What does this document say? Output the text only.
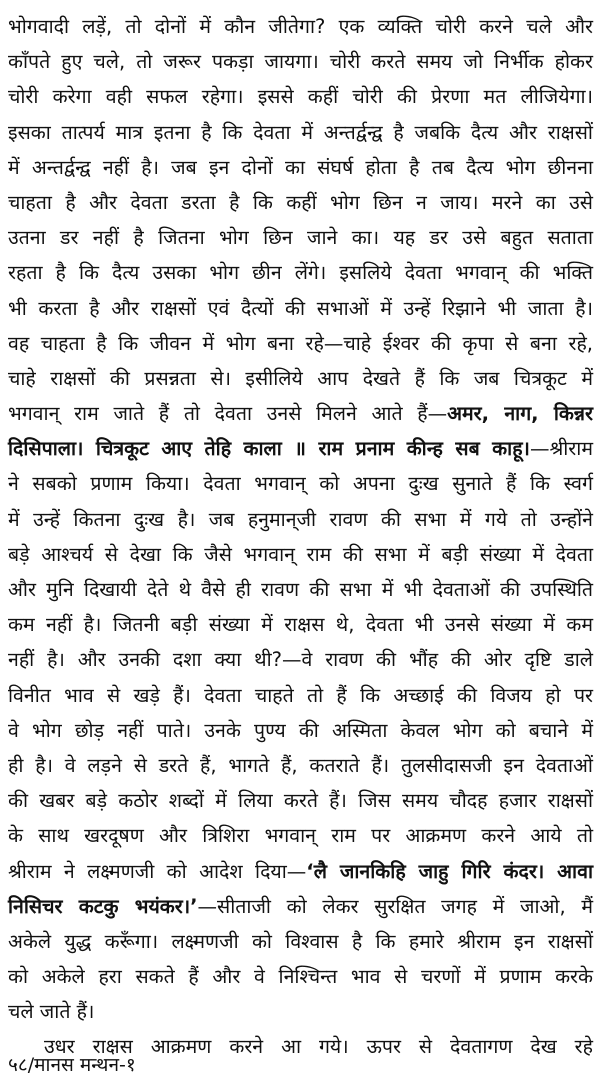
भोगवादी लड़ें, तो दोनों में कौन जीतेगा? एक व्यक्ति चोरी करने चले और
काँपते हुए चले, तो जरूर पकड़ा जायगा। चोरी करते समय जो निर्भीक होकर
चोरी करेगा वही सफल रहेगा। इससे कहीं चोरी की प्रेरणा मत लीजियेगा।
इसका तात्पर्य मात्र इतना है कि देवता में अन्तर्द्वन्द्व है जबकि दैत्य और राक्षसों
में अन्तर्द्वन्द्व नहीं है। जब इन दोनों का संघर्ष होता है तब दैत्य भोग छीनना
चाहता है और देवता डरता है कि कहीं भोग छिन न जाय। मरने का उसे
उतना डर नहीं है जितना भोग छिन जाने का। यह डर उसे बहुत सताता
रहता है कि दैत्य उसका भोग छीन लेंगे। इसलिये देवता भगवान् की भक्ति
भी करता है और राक्षसों एवं दैत्यों की सभाओं में उन्हें रिझाने भी जाता है।
वह चाहता है कि जीवन में भोग बना रहे—चाहे ईश्वर की कृपा से बना रहे,
चाहे राक्षसों की प्रसन्नता से। इसीलिये आप देखते हैं कि जब चित्रकूट में
भगवान् राम जाते हैं तो देवता उनसे मिलने आते हैं—अमर, नाग, किन्नर
दिसिपाला। चित्रकूट आए तेहि काला ॥ राम प्रनाम कीन्ह सब काहू।—श्रीराम
ने सबको प्रणाम किया। देवता भगवान् को अपना दुःख सुनाते हैं कि स्वर्ग
में उन्हें कितना दुःख है। जब हनुमान्‌जी रावण की सभा में गये तो उन्होंने
बड़े आश्चर्य से देखा कि जैसे भगवान् राम की सभा में बड़ी संख्या में देवता
और मुनि दिखायी देते थे वैसे ही रावण की सभा में भी देवताओं की उपस्थिति
कम नहीं है। जितनी बड़ी संख्या में राक्षस थे, देवता भी उनसे संख्या में कम
नहीं है। और उनकी दशा क्या थी?—वे रावण की भौंह की ओर दृष्टि डाले
विनीत भाव से खड़े हैं। देवता चाहते तो हैं कि अच्छाई की विजय हो पर
वे भोग छोड़ नहीं पाते। उनके पुण्य की अस्मिता केवल भोग को बचाने में
ही है। वे लड़ने से डरते हैं, भागते हैं, कतराते हैं। तुलसीदासजी इन देवताओं
की खबर बड़े कठोर शब्दों में लिया करते हैं। जिस समय चौदह हजार राक्षसों
के साथ खरदूषण और त्रिशिरा भगवान् राम पर आक्रमण करने आये तो
श्रीराम ने लक्ष्मणजी को आदेश दिया—‘लै जानकिहि जाहु गिरि कंदर। आवा
निसिचर कटकु भयंकर।’—सीताजी को लेकर सुरक्षित जगह में जाओ, मैं
अकेले युद्ध करूँगा। लक्ष्मणजी को विश्वास है कि हमारे श्रीराम इन राक्षसों
को अकेले हरा सकते हैं और वे निश्चिन्त भाव से चरणों में प्रणाम करके
चले जाते हैं।
उधर राक्षस आक्रमण करने आ गये। ऊपर से देवतागण देख रहे
५८/मानस मन्थन-१
